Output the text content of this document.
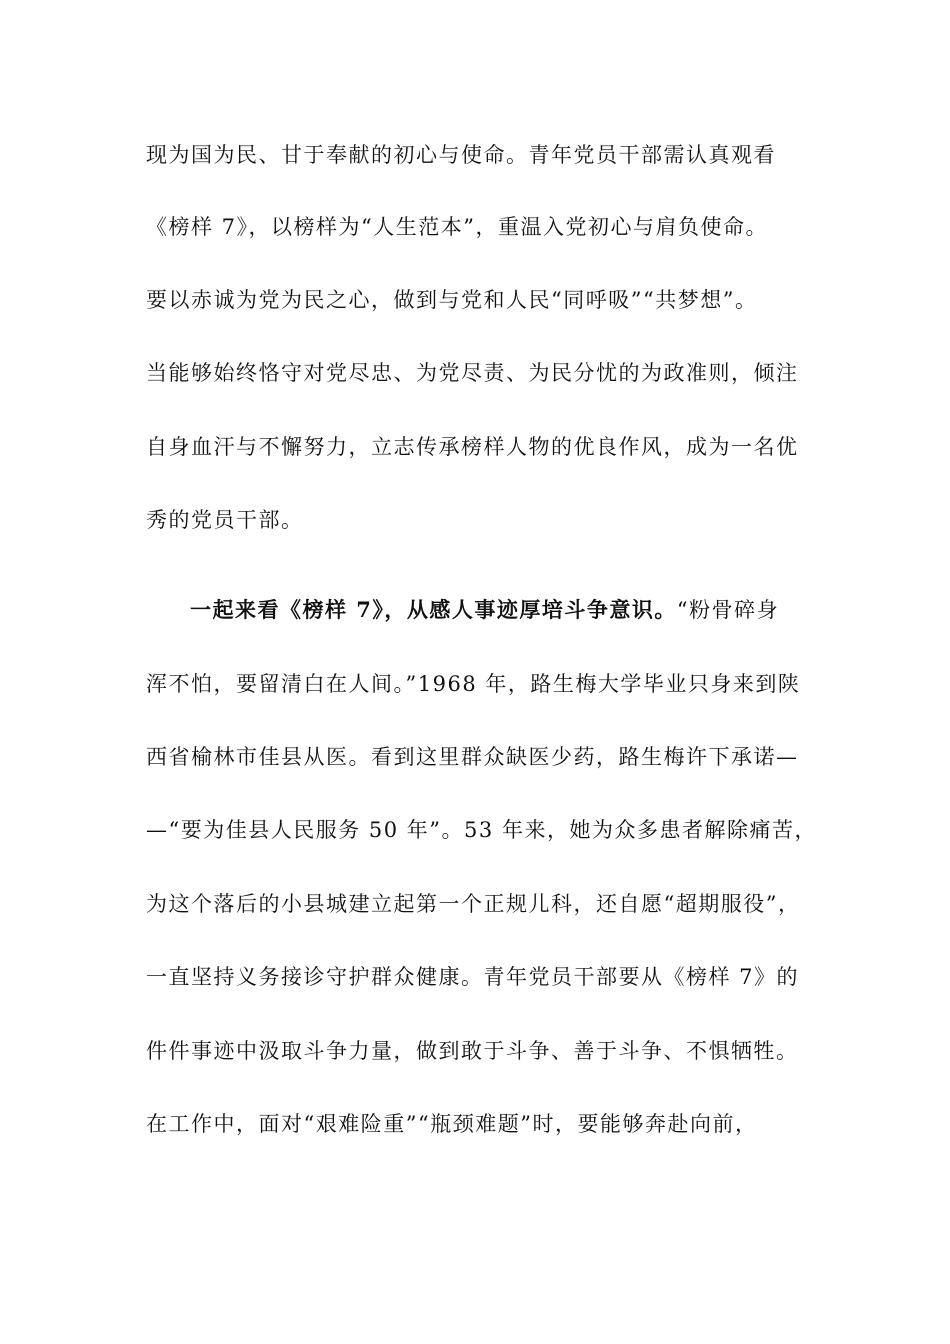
现为国为民、甘于奉献的初心与使命。青年党员干部需认真观看
《榜样 7》，以榜样为“人生范本”，重温入党初心与肩负使命。
要以赤诚为党为民之心，做到与党和人民“同呼吸”“共梦想”。
当能够始终恪守对党尽忠、为党尽责、为民分忧的为政准则，倾注
自身血汗与不懈努力，立志传承榜样人物的优良作风，成为一名优
秀的党员干部。
一起来看《榜样 7》，从感人事迹厚培斗争意识。“粉骨碎身
浑不怕，要留清白在人间。”1968 年，路生梅大学毕业只身来到陕
西省榆林市佳县从医。看到这里群众缺医少药，路生梅许下承诺—
—“要为佳县人民服务 50 年”。53 年来，她为众多患者解除痛苦，
为这个落后的小县城建立起第一个正规儿科，还自愿“超期服役”，
一直坚持义务接诊守护群众健康。青年党员干部要从《榜样 7》的
件件事迹中汲取斗争力量，做到敢于斗争、善于斗争、不惧牺牲。
在工作中，面对“艰难险重”“瓶颈难题”时，要能够奔赴向前，
